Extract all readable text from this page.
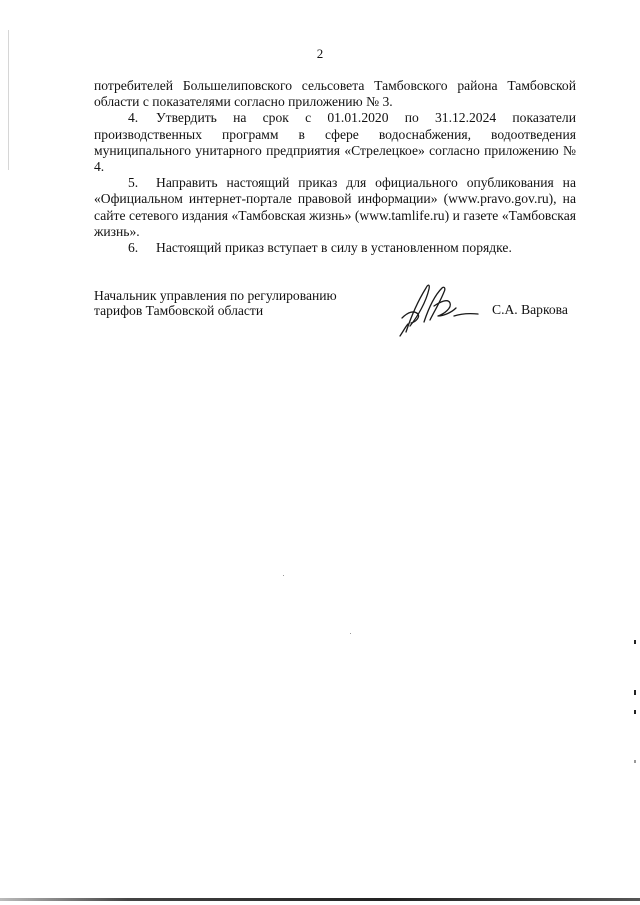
2

потребителей Большелиповского сельсовета Тамбовского района Тамбовской области с показателями согласно приложению № 3.

4. Утвердить на срок с 01.01.2020 по 31.12.2024 показатели производственных программ в сфере водоснабжения, водоотведения муниципального унитарного предприятия «Стрелецкое» согласно приложению № 4.

5. Направить настоящий приказ для официального опубликования на «Официальном интернет-портале правовой информации» (www.pravo.gov.ru), на сайте сетевого издания «Тамбовская жизнь» (www.tamlife.ru) и газете «Тамбовская жизнь».

6. Настоящий приказ вступает в силу в установленном порядке.

Начальник управления по регулированию
тарифов Тамбовской области	С.А. Варкова
